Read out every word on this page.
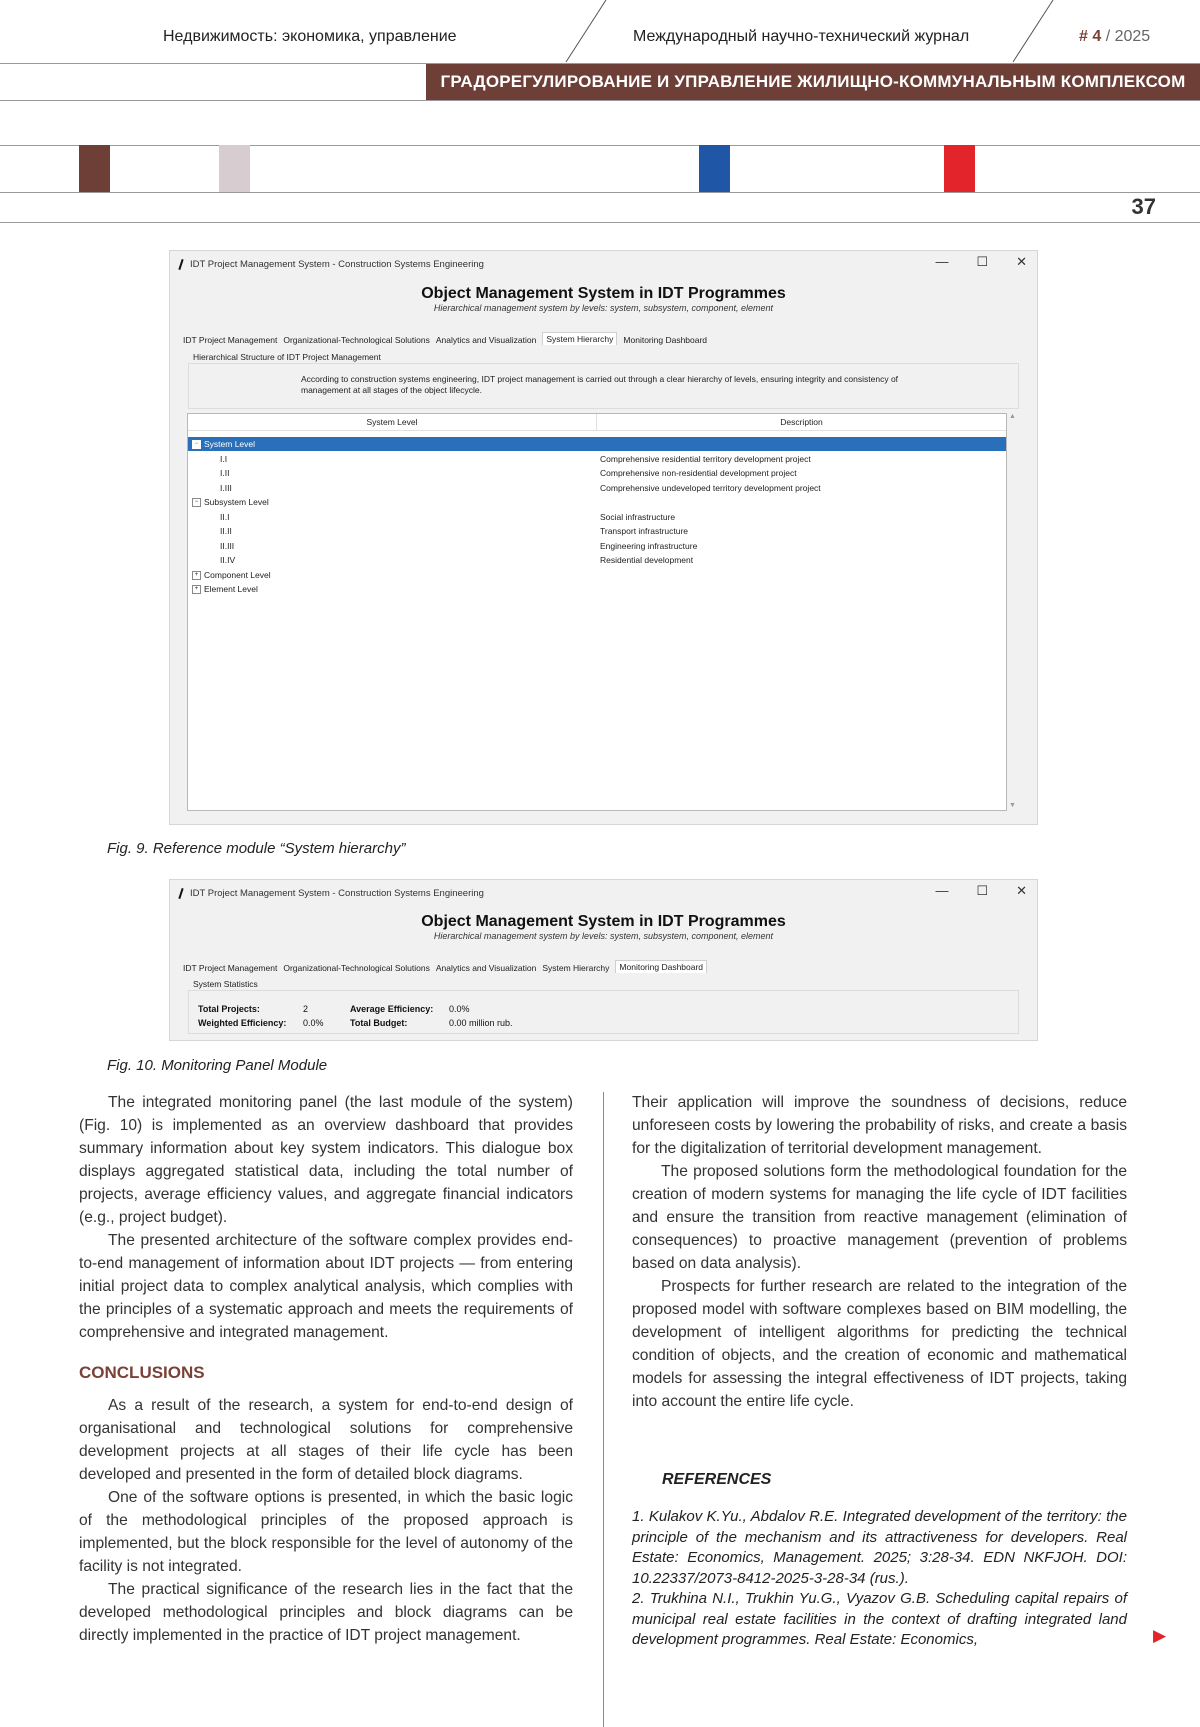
Недвижимость: экономика, управление	Международный научно-технический журнал	# 4 / 2025
ГРАДОРЕГУЛИРОВАНИЕ И УПРАВЛЕНИЕ ЖИЛИЩНО-КОММУНАЛЬНЫМ КОМПЛЕКСОМ
37
IDT Project Management System - Construction Systems Engineering	— ☐ ✕
Object Management System in IDT Programmes
Hierarchical management system by levels: system, subsystem, component, element
IDT Project Management Organizational-Technological Solutions Analytics and Visualization	System Hierarchy	Monitoring Dashboard
Hierarchical Structure of IDT Project Management
According to construction systems engineering, IDT project management is carried out through a clear hierarchy of levels, ensuring integrity and consistency of management at all stages of the object lifecycle.
System Level	Description
− System Level
I.I	Comprehensive residential territory development project
I.II	Comprehensive non-residential development project
I.III	Comprehensive undeveloped territory development project
− Subsystem Level
II.I	Social infrastructure
II.II	Transport infrastructure
II.III	Engineering infrastructure
II.IV	Residential development
+ Component Level
+ Element Level
▲
▼
Fig. 9. Reference module “System hierarchy”
IDT Project Management System - Construction Systems Engineering	— ☐ ✕
Object Management System in IDT Programmes
Hierarchical management system by levels: system, subsystem, component, element
IDT Project Management Organizational-Technological Solutions Analytics and Visualization System Hierarchy	Monitoring Dashboard
System Statistics
Total Projects:	2	Average Efficiency: 0.0%
Weighted Efficiency: 0.0%	Total Budget:	0.00 million rub.
Fig. 10. Monitoring Panel Module

The integrated monitoring panel (the last module of the system) (Fig. 10) is implemented as an overview dashboard that provides summary information about key system indicators. This dialogue box displays aggregated statistical data, including the total number of projects, average efficiency values, and aggregate financial indicators (e.g., project budget).

The presented architecture of the software complex provides end-to-end management of information about IDT projects — from entering initial project data to complex analytical analysis, which complies with the principles of a systematic approach and meets the requirements of comprehensive and integrated management.

CONCLUSIONS

As a result of the research, a system for end-to-end design of organisational and technological solutions for comprehensive development projects at all stages of their life cycle has been developed and presented in the form of detailed block diagrams.

One of the software options is presented, in which the basic logic of the methodological principles of the proposed approach is implemented, but the block responsible for the level of autonomy of the facility is not integrated.

The practical significance of the research lies in the fact that the developed methodological principles and block diagrams can be directly implemented in the practice of IDT project management.

Their application will improve the soundness of decisions, reduce unforeseen costs by lowering the probability of risks, and create a basis for the digitalization of territorial development management.

The proposed solutions form the methodological foundation for the creation of modern systems for managing the life cycle of IDT facilities and ensure the transition from reactive management (elimination of consequences) to proactive management (prevention of problems based on data analysis).

Prospects for further research are related to the integration of the proposed model with software complexes based on BIM modelling, the development of intelligent algorithms for predicting the technical condition of objects, and the creation of economic and mathematical models for assessing the integral effectiveness of IDT projects, taking into account the entire life cycle.

REFERENCES

1. Kulakov K.Yu., Abdalov R.E. Integrated development of the territory: the principle of the mechanism and its attractiveness for developers. Real Estate: Economics, Management. 2025; 3:28-34. EDN NKFJOH. DOI: 10.22337/2073-8412-2025-3-28-34 (rus.).

2. Trukhina N.I., Trukhin Yu.G., Vyazov G.B. Scheduling capital repairs of municipal real estate facilities in the context of drafting integrated land development programmes. Real Estate: Economics,	▶
